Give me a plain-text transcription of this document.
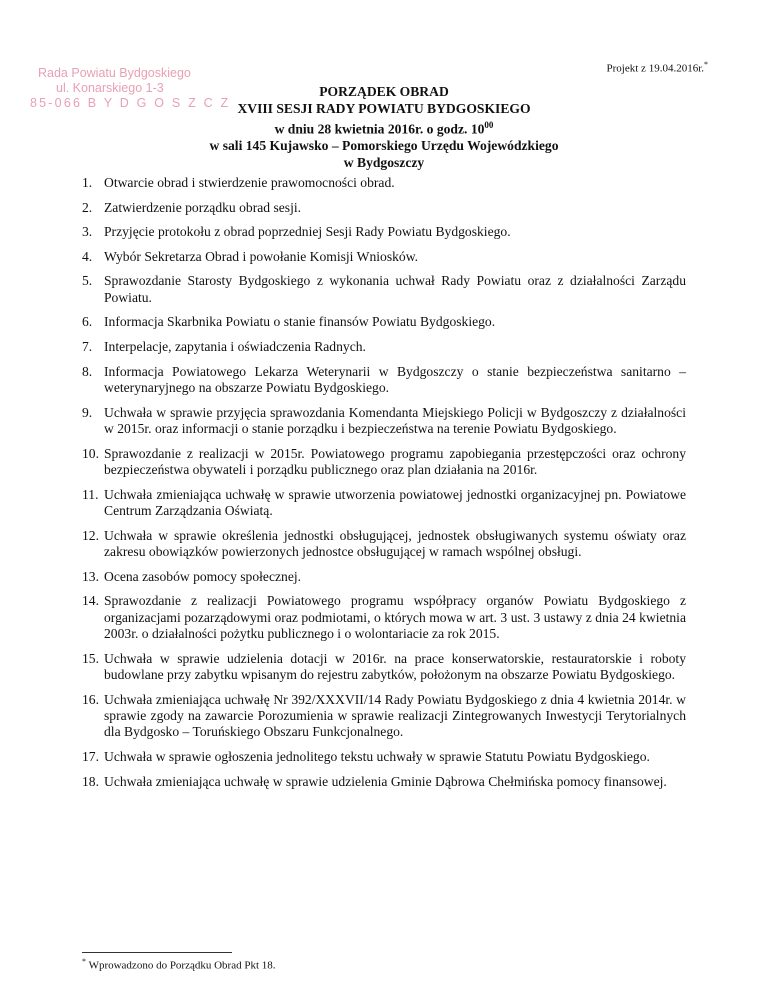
Projekt z 19.04.2016r.*
Rada Powiatu Bydgoskiego
ul. Konarskiego 1-3
85-066 B Y D G O S Z C Z
PORZĄDEK OBRAD
XVIII SESJI RADY POWIATU BYDGOSKIEGO
w dniu 28 kwietnia 2016r. o godz. $10^{00}$
w sali 145 Kujawsko – Pomorskiego Urzędu Wojewódzkiego
w Bydgoszczy
1. Otwarcie obrad i stwierdzenie prawomocności obrad.
2. Zatwierdzenie porządku obrad sesji.
3. Przyjęcie protokołu z obrad poprzedniej Sesji Rady Powiatu Bydgoskiego.
4. Wybór Sekretarza Obrad i powołanie Komisji Wniosków.
5. Sprawozdanie Starosty Bydgoskiego z wykonania uchwał Rady Powiatu oraz z działalności Zarządu Powiatu.
6. Informacja Skarbnika Powiatu o stanie finansów Powiatu Bydgoskiego.
7. Interpelacje, zapytania i oświadczenia Radnych.
8. Informacja Powiatowego Lekarza Weterynarii w Bydgoszczy o stanie bezpieczeństwa sanitarno – weterynaryjnego na obszarze Powiatu Bydgoskiego.
9. Uchwała w sprawie przyjęcia sprawozdania Komendanta Miejskiego Policji w Bydgoszczy z działalności w 2015r. oraz informacji o stanie porządku i bezpieczeństwa na terenie Powiatu Bydgoskiego.
10. Sprawozdanie z realizacji w 2015r. Powiatowego programu zapobiegania przestępczości oraz ochrony bezpieczeństwa obywateli i porządku publicznego oraz plan działania na 2016r.
11. Uchwała zmieniająca uchwałę w sprawie utworzenia powiatowej jednostki organizacyjnej pn. Powiatowe Centrum Zarządzania Oświatą.
12. Uchwała w sprawie określenia jednostki obsługującej, jednostek obsługiwanych systemu oświaty oraz zakresu obowiązków powierzonych jednostce obsługującej w ramach wspólnej obsługi.
13. Ocena zasobów pomocy społecznej.
14. Sprawozdanie z realizacji Powiatowego programu współpracy organów Powiatu Bydgoskiego z organizacjami pozarządowymi oraz podmiotami, o których mowa w art. 3 ust. 3 ustawy z dnia 24 kwietnia 2003r. o działalności pożytku publicznego i o wolontariacie za rok 2015.
15. Uchwała w sprawie udzielenia dotacji w 2016r. na prace konserwatorskie, restauratorskie i roboty budowlane przy zabytku wpisanym do rejestru zabytków, położonym na obszarze Powiatu Bydgoskiego.
16. Uchwała zmieniająca uchwałę Nr 392/XXXVII/14 Rady Powiatu Bydgoskiego z dnia 4 kwietnia 2014r. w sprawie zgody na zawarcie Porozumienia w sprawie realizacji Zintegrowanych Inwestycji Terytorialnych dla Bydgosko – Toruńskiego Obszaru Funkcjonalnego.
17. Uchwała w sprawie ogłoszenia jednolitego tekstu uchwały w sprawie Statutu Powiatu Bydgoskiego.
18. Uchwała zmieniająca uchwałę w sprawie udzielenia Gminie Dąbrowa Chełmińska pomocy finansowej.
* Wprowadzono do Porządku Obrad Pkt 18.
